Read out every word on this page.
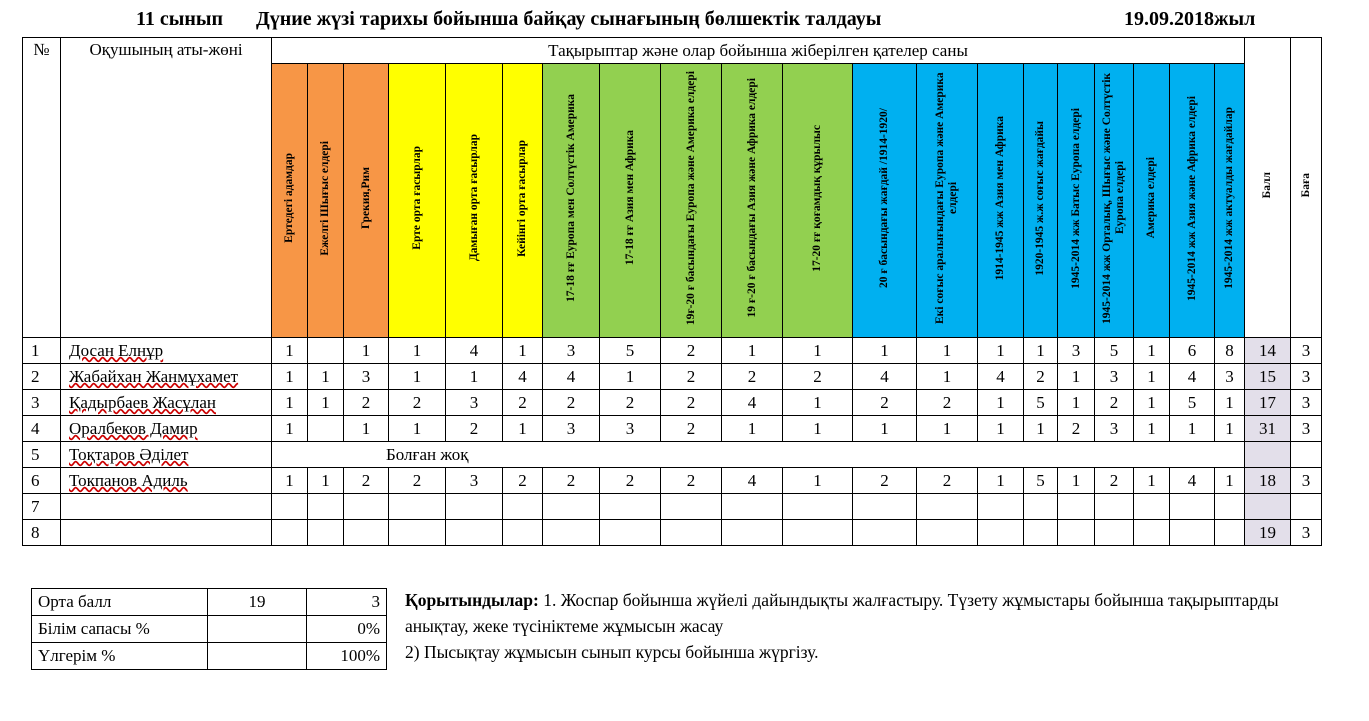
11 сынып Дүние жүзі тарихы бойынша байқау сынағының бөлшектік талдауы	19.09.2018жыл
№	Оқушының аты-жөні	Тақырыптар және олар бойынша жіберілген қателер саны																				Балл	Баға
		Ертедегі адамдар	Ежелгі Шығыс елдері	Грекия,Рим	Ерте орта ғасырлар	Дамыған орта ғасырлар	Кейінгі орта ғасырлар	17-18 ғғ Еуропа мен Солтүстік Америка	17-18 ғғ Азия мен Африка	19ғ-20 ғ басындағы Еуропа және Америка елдері	19 ғ-20 ғ басындағы Азия және Африка елдері	17-20 ғғ қоғамдық құрылыс	20 ғ басындағы жағдай /1914-1920/	Екі соғыс аралығындағы Еуропа және Америка елдері	1914-1945 жж Азия мен Африка	1920-1945 ж.ж соғыс жағдайы	1945-2014 жж Батыс Еуропа елдері	1945-2014 жж Орталық, Шығыс және Солтүстік Еуропа елдері	Америка елдері	1945-2014 жж Азия және Африка елдері	1945-2014 жж актуалды жағдайлар		
1	Досан Елнұр	1		1	1	4	1	3	5	2	1	1	1	1	1	1	3	5	1	6	8	14	3
2	Жабайхан Жанмұхамет	1	1	3	1	1	4	4	1	2	2	2	4	1	4	2	1	3	1	4	3	15	3
3	Қадырбаев Жасұлан	1	1	2	2	3	2	2	2	2	4	1	2	2	1	5	1	2	1	5	1	17	3
4	Оралбеков Дамир	1		1	1	2	1	3	3	2	1	1	1	1	1	1	2	3	1	1	1	31	3
5	Тоқтаров Әділет	Болған жоқ																					
6	Токпанов Адиль	1	1	2	2	3	2	2	2	2	4	1	2	2	1	5	1	2	1	4	1	18	3
7																							
8																						19	3
Орта балл	19	3
Білім сапасы %		0%
Үлгерім %		100%
Қорытындылар: 1. Жоспар бойынша жүйелі дайындықты жалғастыру. Түзету жұмыстары бойынша тақырыптарды анықтау, жеке түсініктеме жұмысын жасау
2) Пысықтау жұмысын сынып курсы бойынша жүргізу.
